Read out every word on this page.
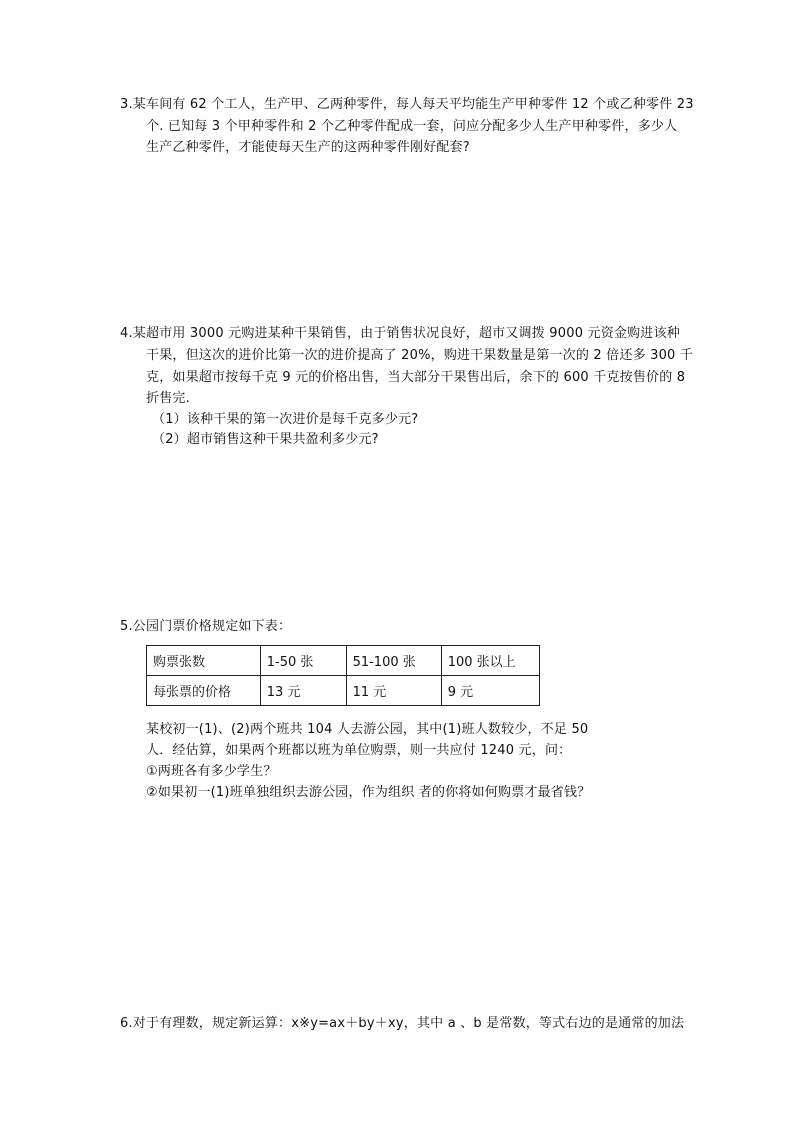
3.某车间有 62 个工人，生产甲、乙两种零件，每人每天平均能生产甲种零件 12 个或乙种零件 23
个. 已知每 3 个甲种零件和 2 个乙种零件配成一套，问应分配多少人生产甲种零件，多少人
生产乙种零件，才能使每天生产的这两种零件刚好配套?
4.某超市用 3000 元购进某种干果销售，由于销售状况良好，超市又调拨 9000 元资金购进该种
干果，但这次的进价比第一次的进价提高了 20%，购进干果数量是第一次的 2 倍还多 300 千
克，如果超市按每千克 9 元的价格出售，当大部分干果售出后，余下的 600 千克按售价的 8
折售完.
（1）该种干果的第一次进价是每千克多少元?
（2）超市销售这种干果共盈利多少元?
5.公园门票价格规定如下表：
购票张数	1-50 张	51-100 张	100 张以上
每张票的价格	13 元	11 元	9 元
某校初一(1)、(2)两个班共 104 人去游公园，其中(1)班人数较少，不足 50
人．经估算，如果两个班都以班为单位购票，则一共应付 1240 元，问：
①两班各有多少学生？
②如果初一(1)班单独组织去游公园，作为组织 者的你将如何购票才最省钱？
6.对于有理数，规定新运算：x※y=ax＋by＋xy，其中 a 、b 是常数，等式右边的是通常的加法
